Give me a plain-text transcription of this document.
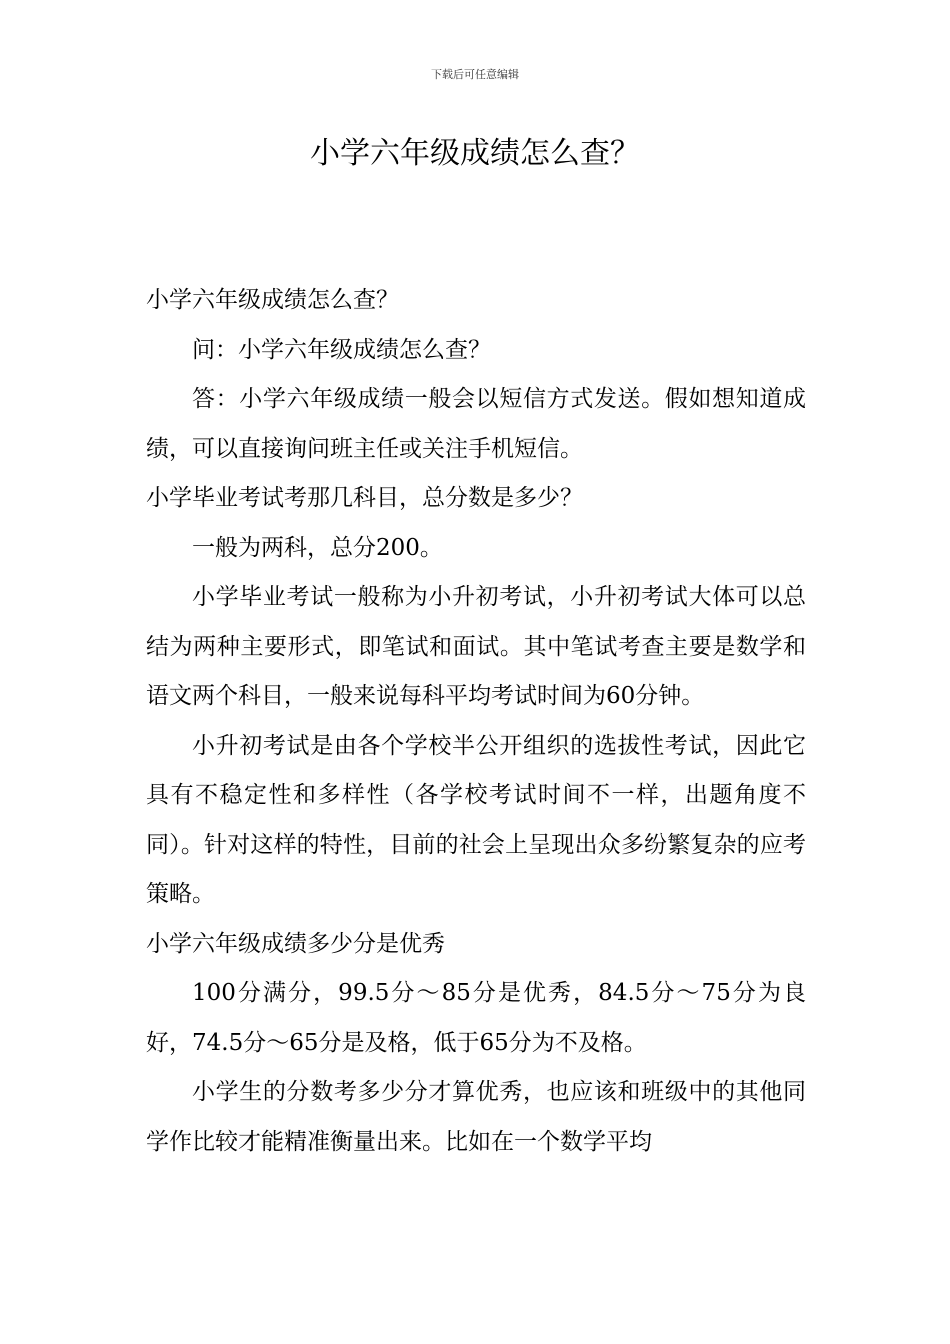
下载后可任意编辑
小学六年级成绩怎么查？

小学六年级成绩怎么查？

问：小学六年级成绩怎么查？

答：小学六年级成绩一般会以短信方式发送。假如想知道成绩，可以直接询问班主任或关注手机短信。

小学毕业考试考那几科目，总分数是多少？

一般为两科，总分200。

小学毕业考试一般称为小升初考试，小升初考试大体可以总结为两种主要形式，即笔试和面试。其中笔试考查主要是数学和语文两个科目，一般来说每科平均考试时间为60分钟。

小升初考试是由各个学校半公开组织的选拔性考试，因此它具有不稳定性和多样性（各学校考试时间不一样，出题角度不同）。针对这样的特性，目前的社会上呈现出众多纷繁复杂的应考策略。

小学六年级成绩多少分是优秀

100分满分，99.5分～85分是优秀，84.5分～75分为良好，74.5分～65分是及格，低于65分为不及格。

小学生的分数考多少分才算优秀，也应该和班级中的其他同学作比较才能精准衡量出来。比如在一个数学平均
